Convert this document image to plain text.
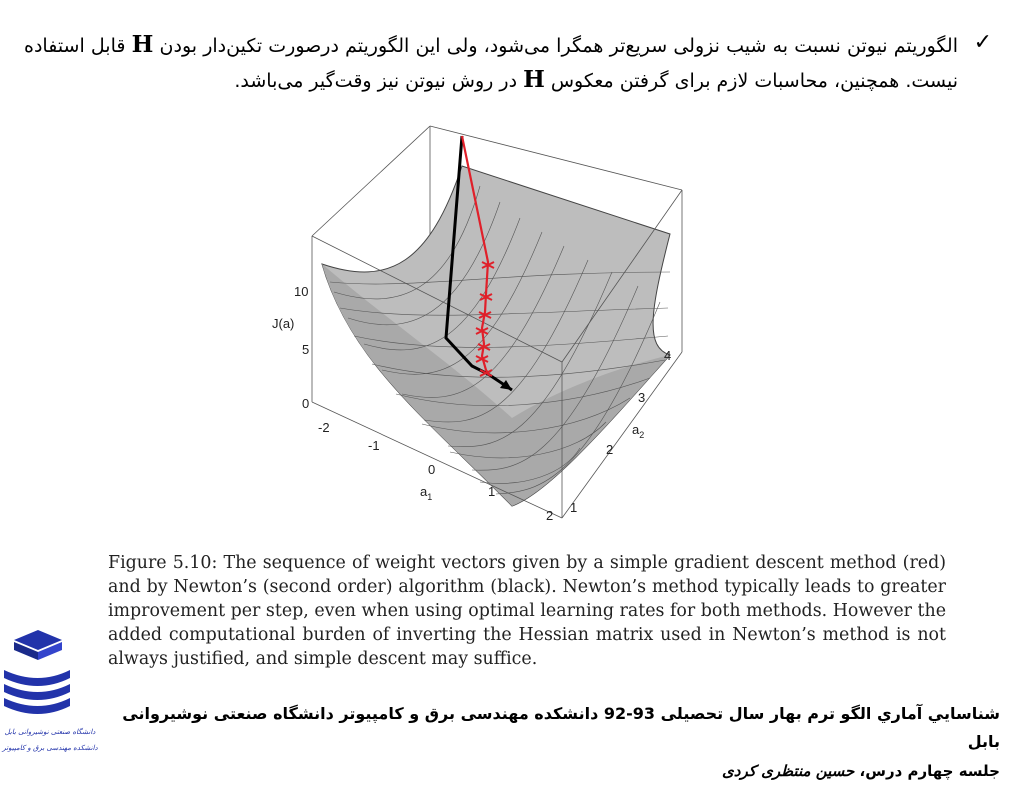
✓

الگوریتم نیوتن نسبت به شیب نزولی سریع‌تر همگرا می‌شود، ولی این الگوریتم درصورت تکین‌دار بودن H قابل استفاده نیست. همچنین، محاسبات لازم برای گرفتن معکوس H در روش نیوتن نیز وقت‌گیر می‌باشد.

J(a)
10
5
0
-2
-1
0
1
2
$a_1$
1
2
3
4
$a_2$

Figure 5.10: The sequence of weight vectors given by a simple gradient descent method (red) and by Newton’s (second order) algorithm (black). Newton’s method typically leads to greater improvement per step, even when using optimal learning rates for both methods. However the added computational burden of inverting the Hessian matrix used in Newton’s method is not always justified, and simple descent may suffice.

دانشگاه صنعتی نوشیروانی بابل
دانشکده مهندسی برق و کامپیوتر
شناسايي آماري الگو ترم بهار سال تحصیلی 93-92 دانشکده مهندسی برق و کامپیوتر دانشگاه صنعتی نوشیروانی بابل
جلسه چهارم درس، حسین منتظری کردی
